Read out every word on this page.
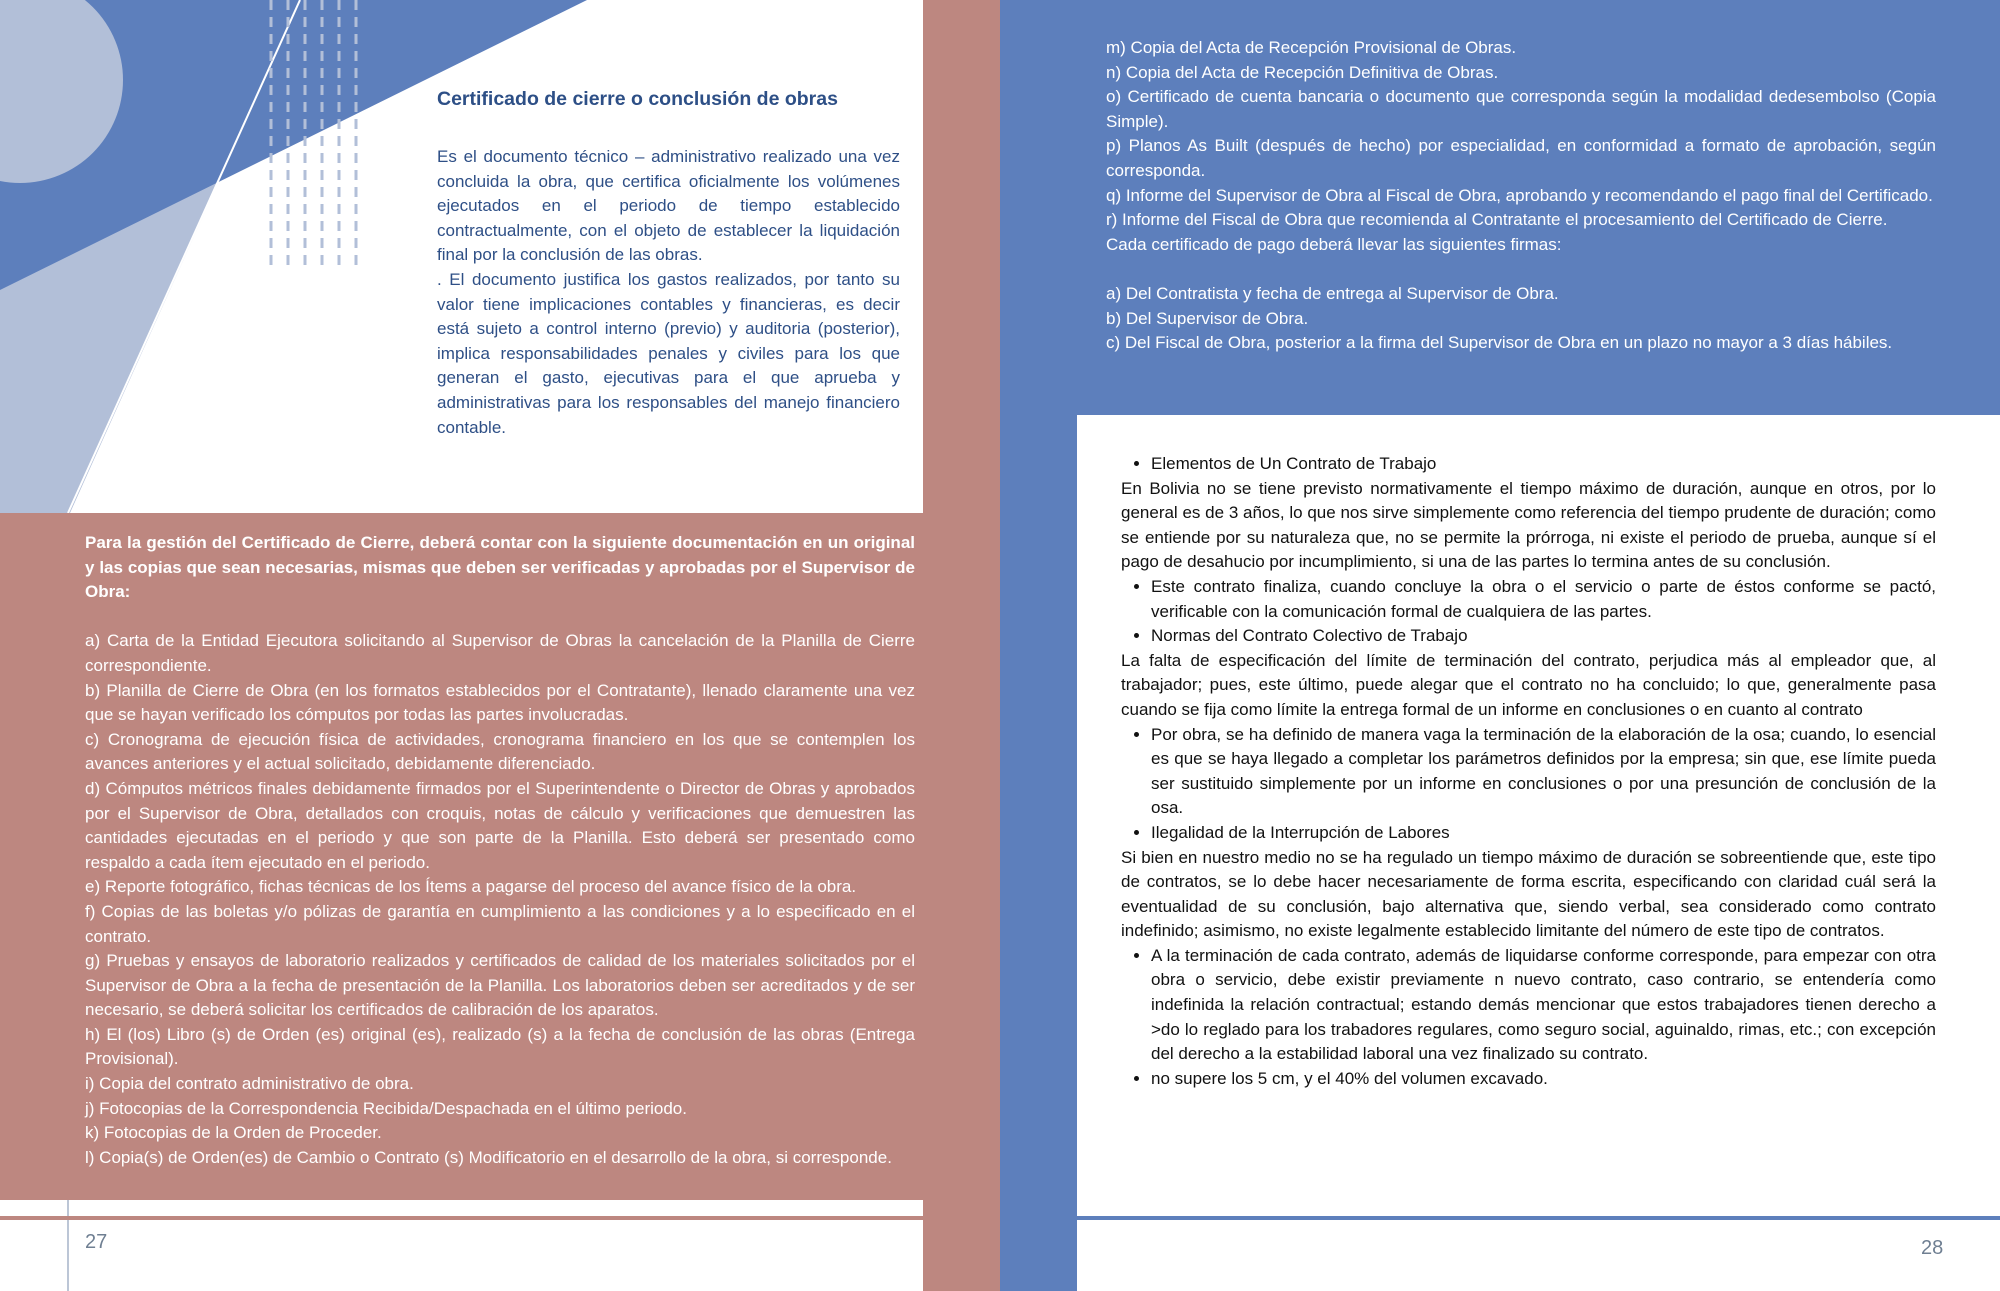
Certificado de cierre o conclusión de obras

Es el documento técnico – administrativo realizado una vez concluida la obra, que certifica oficialmente los volúmenes ejecutados en el periodo de tiempo establecido contractualmente, con el objeto de establecer la liquidación final por la conclusión de las obras.

. El documento justifica los gastos realizados, por tanto su valor tiene implicaciones contables y financieras, es decir está sujeto a control interno (previo) y auditoria (posterior), implica responsabilidades penales y civiles para los que generan el gasto, ejecutivas para el que aprueba y administrativas para los responsables del manejo financiero contable.

Para la gestión del Certificado de Cierre, deberá contar con la siguiente documentación en un original y las copias que sean necesarias, mismas que deben ser verificadas y aprobadas por el Supervisor de Obra:

a) Carta de la Entidad Ejecutora solicitando al Supervisor de Obras la cancelación de la Planilla de Cierre correspondiente.

b) Planilla de Cierre de Obra (en los formatos establecidos por el Contratante), llenado claramente una vez que se hayan verificado los cómputos por todas las partes involucradas.

c) Cronograma de ejecución física de actividades, cronograma financiero en los que se contemplen los avances anteriores y el actual solicitado, debidamente diferenciado.

d) Cómputos métricos finales debidamente firmados por el Superintendente o Director de Obras y aprobados por el Supervisor de Obra, detallados con croquis, notas de cálculo y verificaciones que demuestren las cantidades ejecutadas en el periodo y que son parte de la Planilla. Esto deberá ser presentado como respaldo a cada ítem ejecutado en el periodo.

e) Reporte fotográfico, fichas técnicas de los Ítems a pagarse del proceso del avance físico de la obra.

f) Copias de las boletas y/o pólizas de garantía en cumplimiento a las condiciones y a lo especificado en el contrato.

g) Pruebas y ensayos de laboratorio realizados y certificados de calidad de los materiales solicitados por el Supervisor de Obra a la fecha de presentación de la Planilla. Los laboratorios deben ser acreditados y de ser necesario, se deberá solicitar los certificados de calibración de los aparatos.

h) El (los) Libro (s) de Orden (es) original (es), realizado (s) a la fecha de conclusión de las obras (Entrega Provisional).

i) Copia del contrato administrativo de obra.

j) Fotocopias de la Correspondencia Recibida/Despachada en el último periodo.

k) Fotocopias de la Orden de Proceder.

l) Copia(s) de Orden(es) de Cambio o Contrato (s) Modificatorio en el desarrollo de la obra, si corresponde.

27

m) Copia del Acta de Recepción Provisional de Obras.

n) Copia del Acta de Recepción Definitiva de Obras.

o) Certificado de cuenta bancaria o documento que corresponda según la modalidad dedesembolso (Copia Simple).

p) Planos As Built (después de hecho) por especialidad, en conformidad a formato de aprobación, según corresponda.

q) Informe del Supervisor de Obra al Fiscal de Obra, aprobando y recomendando el pago final del Certificado.

r) Informe del Fiscal de Obra que recomienda al Contratante el procesamiento del Certificado de Cierre.

Cada certificado de pago deberá llevar las siguientes firmas:

a) Del Contratista y fecha de entrega al Supervisor de Obra.

b) Del Supervisor de Obra.

c) Del Fiscal de Obra, posterior a la firma del Supervisor de Obra en un plazo no mayor a 3 días hábiles.

• Elementos de Un Contrato de Trabajo

En Bolivia no se tiene previsto normativamente el tiempo máximo de duración, aunque en otros, por lo general es de 3 años, lo que nos sirve simplemente como referencia del tiempo prudente de duración; como se entiende por su naturaleza que, no se permite la prórroga, ni existe el periodo de prueba, aunque sí el pago de desahucio por incumplimiento, si una de las partes lo termina antes de su conclusión.

• Este contrato finaliza, cuando concluye la obra o el servicio o parte de éstos conforme se pactó, verificable con la comunicación formal de cualquiera de las partes.
• Normas del Contrato Colectivo de Trabajo

La falta de especificación del límite de terminación del contrato, perjudica más al empleador que, al trabajador; pues, este último, puede alegar que el contrato no ha concluido; lo que, generalmente pasa cuando se fija como límite la entrega formal de un informe en conclusiones o en cuanto al contrato

• Por obra, se ha definido de manera vaga la terminación de la elaboración de la osa; cuando, lo esencial es que se haya llegado a completar los parámetros definidos por la empresa; sin que, ese límite pueda ser sustituido simplemente por un informe en conclusiones o por una presunción de conclusión de la osa.
• Ilegalidad de la Interrupción de Labores

Si bien en nuestro medio no se ha regulado un tiempo máximo de duración se sobreentiende que, este tipo de contratos, se lo debe hacer necesariamente de forma escrita, especificando con claridad cuál será la eventualidad de su conclusión, bajo alternativa que, siendo verbal, sea considerado como contrato indefinido; asimismo, no existe legalmente establecido limitante del número de este tipo de contratos.

• A la terminación de cada contrato, además de liquidarse conforme corresponde, para empezar con otra obra o servicio, debe existir previamente n nuevo contrato, caso contrario, se entendería como indefinida la relación contractual; estando demás mencionar que estos trabajadores tienen derecho a >do lo reglado para los trabadores regulares, como seguro social, aguinaldo, rimas, etc.; con excepción del derecho a la estabilidad laboral una vez finalizado su contrato.
• no supere los 5 cm, y el 40% del volumen excavado.
28
